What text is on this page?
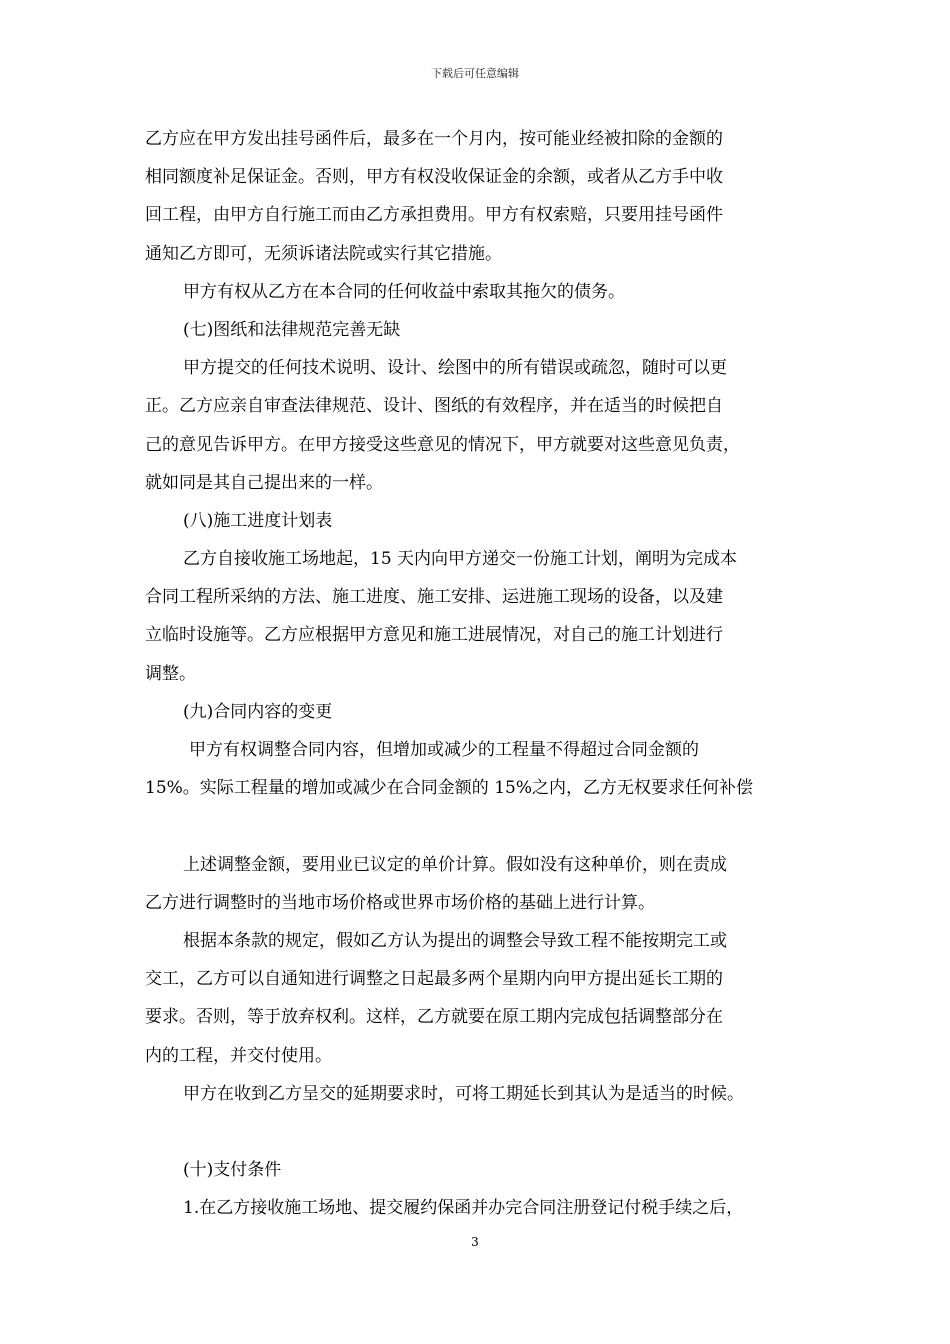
下载后可任意编辑
乙方应在甲方发出挂号函件后，最多在一个月内，按可能业经被扣除的金额的
相同额度补足保证金。否则，甲方有权没收保证金的余额，或者从乙方手中收
回工程，由甲方自行施工而由乙方承担费用。甲方有权索赔，只要用挂号函件
通知乙方即可，无须诉诸法院或实行其它措施。
甲方有权从乙方在本合同的任何收益中索取其拖欠的债务。
(七)图纸和法律规范完善无缺
甲方提交的任何技术说明、设计、绘图中的所有错误或疏忽，随时可以更
正。乙方应亲自审查法律规范、设计、图纸的有效程序，并在适当的时候把自
己的意见告诉甲方。在甲方接受这些意见的情况下，甲方就要对这些意见负责，
就如同是其自己提出来的一样。
(八)施工进度计划表
乙方自接收施工场地起，15 天内向甲方递交一份施工计划，阐明为完成本
合同工程所采纳的方法、施工进度、施工安排、运进施工现场的设备，以及建
立临时设施等。乙方应根据甲方意见和施工进展情况，对自己的施工计划进行
调整。
(九)合同内容的变更
甲方有权调整合同内容，但增加或减少的工程量不得超过合同金额的
15%。实际工程量的增加或减少在合同金额的 15%之内，乙方无权要求任何补偿
上述调整金额，要用业已议定的单价计算。假如没有这种单价，则在责成
乙方进行调整时的当地市场价格或世界市场价格的基础上进行计算。
根据本条款的规定，假如乙方认为提出的调整会导致工程不能按期完工或
交工，乙方可以自通知进行调整之日起最多两个星期内向甲方提出延长工期的
要求。否则，等于放弃权利。这样，乙方就要在原工期内完成包括调整部分在
内的工程，并交付使用。
甲方在收到乙方呈交的延期要求时，可将工期延长到其认为是适当的时候。
(十)支付条件
1.在乙方接收施工场地、提交履约保函并办完合同注册登记付税手续之后，
3
